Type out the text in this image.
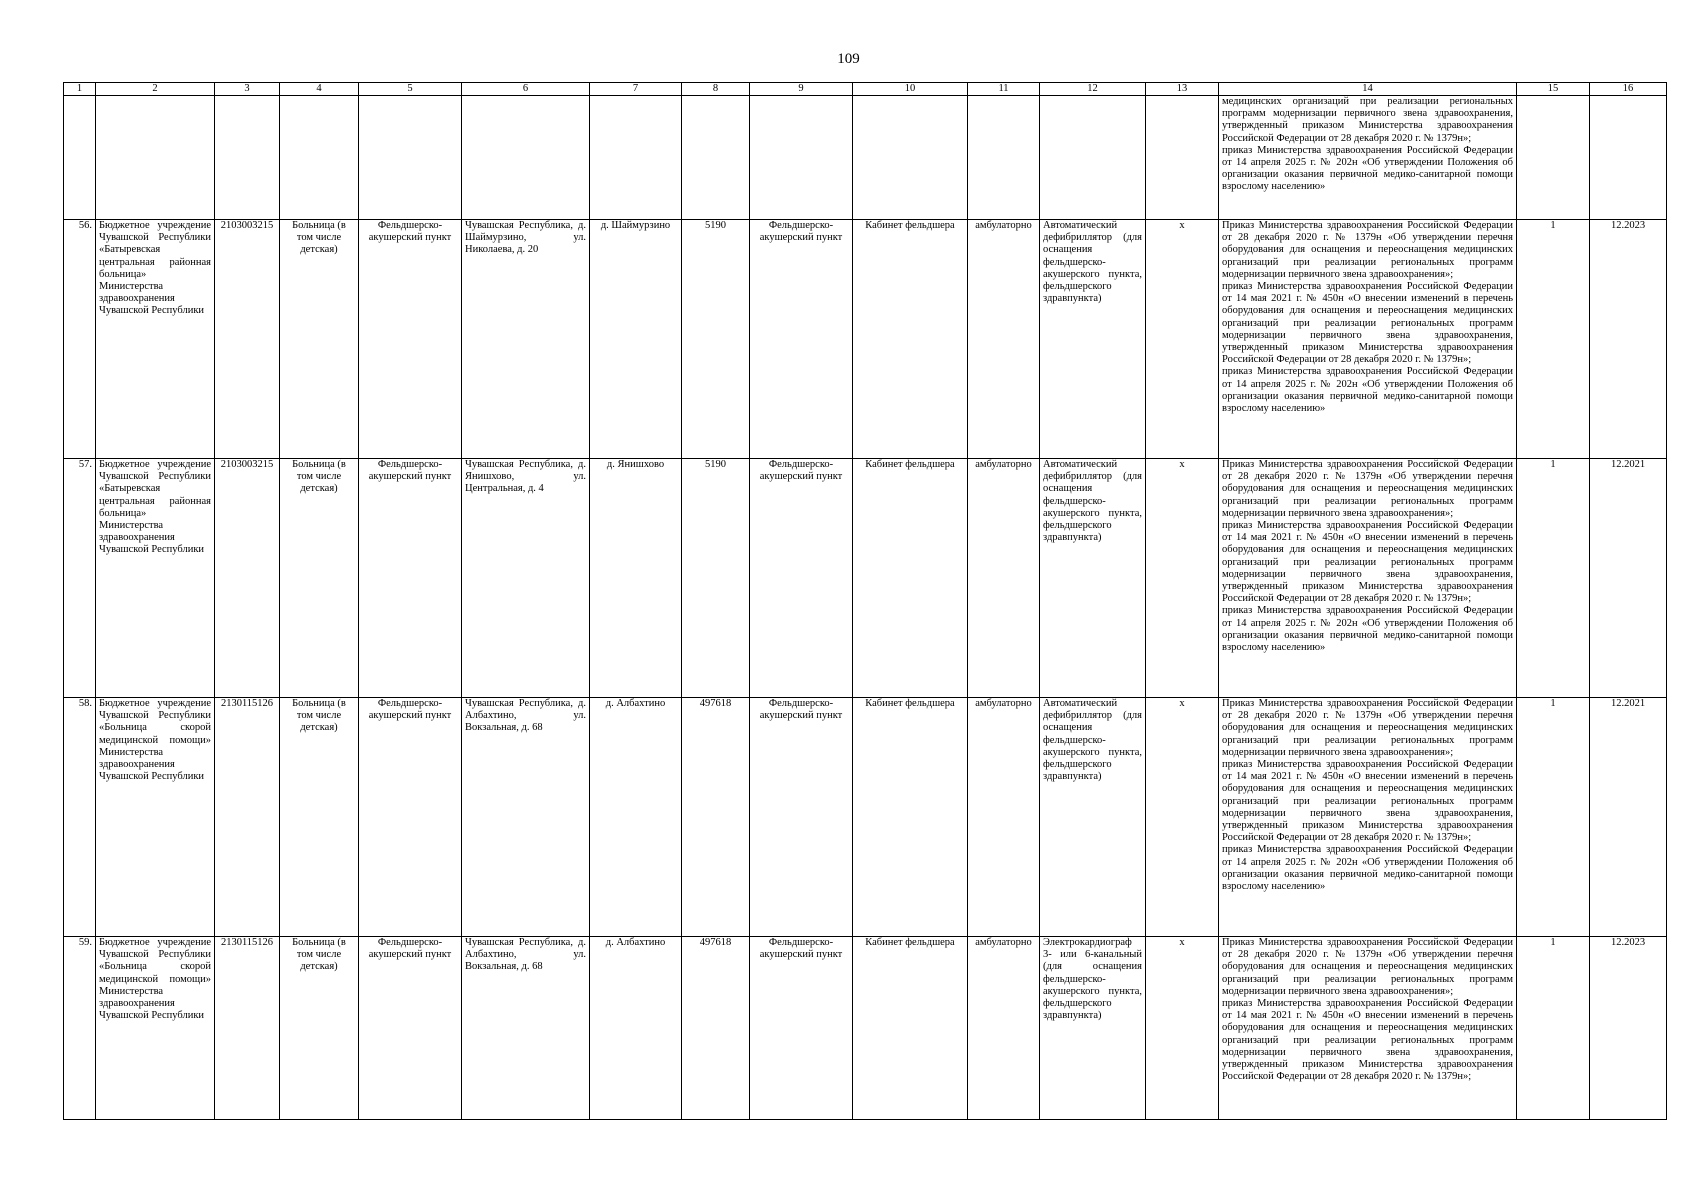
109
1	2	3	4	5	6	7	8	9	10	11	12	13	14	15	16

													медицинских организаций при реализации региональных программ модернизации первичного звена здравоохранения, утвержденный приказом Министерства здравоохранения Российской Федерации от 28 декабря 2020 г. № 1379н»;

приказ Министерства здравоохранения Российской Федерации от 14 апреля 2025 г. № 202н «Об утверждении Положения об организации оказания первичной медико-санитарной помощи взрослому населению»		

56.	Бюджетное учреждение Чувашской Республики «Батыревская центральная районная больница» Министерства здравоохранения Чувашской Республики	2103003215	Больница (в том числе детская)	Фельдшерско-акушерский пункт	Чувашская Республика, д. Шаймурзино, ул. Николаева, д. 20	д. Шаймурзино	5190	Фельдшерско-акушерский пункт	Кабинет фельдшера	амбулаторно	Автоматический дефибриллятор (для оснащения фельдшерско-акушерского пункта, фельдшерского здравпункта)	x	Приказ Министерства здравоохранения Российской Федерации от 28 декабря 2020 г. № 1379н «Об утверждении перечня оборудования для оснащения и переоснащения медицинских организаций при реализации региональных программ модернизации первичного звена здравоохранения»;

приказ Министерства здравоохранения Российской Федерации от 14 мая 2021 г. № 450н «О внесении изменений в перечень оборудования для оснащения и переоснащения медицинских организаций при реализации региональных программ модернизации первичного звена здравоохранения, утвержденный приказом Министерства здравоохранения Российской Федерации от 28 декабря 2020 г. № 1379н»;

приказ Министерства здравоохранения Российской Федерации от 14 апреля 2025 г. № 202н «Об утверждении Положения об организации оказания первичной медико-санитарной помощи взрослому населению»	1	12.2023
57.	Бюджетное учреждение Чувашской Республики «Батыревская центральная районная больница» Министерства здравоохранения Чувашской Республики	2103003215	Больница (в том числе детская)	Фельдшерско-акушерский пункт	Чувашская Республика, д. Янишхово, ул. Центральная, д. 4	д. Янишхово	5190	Фельдшерско-акушерский пункт	Кабинет фельдшера	амбулаторно	Автоматический дефибриллятор (для оснащения фельдшерско-акушерского пункта, фельдшерского здравпункта)	x	Приказ Министерства здравоохранения Российской Федерации от 28 декабря 2020 г. № 1379н «Об утверждении перечня оборудования для оснащения и переоснащения медицинских организаций при реализации региональных программ модернизации первичного звена здравоохранения»;

приказ Министерства здравоохранения Российской Федерации от 14 мая 2021 г. № 450н «О внесении изменений в перечень оборудования для оснащения и переоснащения медицинских организаций при реализации региональных программ модернизации первичного звена здравоохранения, утвержденный приказом Министерства здравоохранения Российской Федерации от 28 декабря 2020 г. № 1379н»;

приказ Министерства здравоохранения Российской Федерации от 14 апреля 2025 г. № 202н «Об утверждении Положения об организации оказания первичной медико-санитарной помощи взрослому населению»	1	12.2021
58.	Бюджетное учреждение Чувашской Республики «Больница скорой медицинской помощи» Министерства здравоохранения Чувашской Республики	2130115126	Больница (в том числе детская)	Фельдшерско-акушерский пункт	Чувашская Республика, д. Албахтино, ул. Вокзальная, д. 68	д. Албахтино	497618	Фельдшерско-акушерский пункт	Кабинет фельдшера	амбулаторно	Автоматический дефибриллятор (для оснащения фельдшерско-акушерского пункта, фельдшерского здравпункта)	x	Приказ Министерства здравоохранения Российской Федерации от 28 декабря 2020 г. № 1379н «Об утверждении перечня оборудования для оснащения и переоснащения медицинских организаций при реализации региональных программ модернизации первичного звена здравоохранения»;

приказ Министерства здравоохранения Российской Федерации от 14 мая 2021 г. № 450н «О внесении изменений в перечень оборудования для оснащения и переоснащения медицинских организаций при реализации региональных программ модернизации первичного звена здравоохранения, утвержденный приказом Министерства здравоохранения Российской Федерации от 28 декабря 2020 г. № 1379н»;

приказ Министерства здравоохранения Российской Федерации от 14 апреля 2025 г. № 202н «Об утверждении Положения об организации оказания первичной медико-санитарной помощи взрослому населению»	1	12.2021
59.	Бюджетное учреждение Чувашской Республики «Больница скорой медицинской помощи» Министерства здравоохранения Чувашской Республики	2130115126	Больница (в том числе детская)	Фельдшерско-акушерский пункт	Чувашская Республика, д. Албахтино, ул. Вокзальная, д. 68	д. Албахтино	497618	Фельдшерско-акушерский пункт	Кабинет фельдшера	амбулаторно	Электрокардиограф 3- или 6-канальный (для оснащения фельдшерско-акушерского пункта, фельдшерского здравпункта)	x	Приказ Министерства здравоохранения Российской Федерации от 28 декабря 2020 г. № 1379н «Об утверждении перечня оборудования для оснащения и переоснащения медицинских организаций при реализации региональных программ модернизации первичного звена здравоохранения»;

приказ Министерства здравоохранения Российской Федерации от 14 мая 2021 г. № 450н «О внесении изменений в перечень оборудования для оснащения и переоснащения медицинских организаций при реализации региональных программ модернизации первичного звена здравоохранения, утвержденный приказом Министерства здравоохранения Российской Федерации от 28 декабря 2020 г. № 1379н»;	1	12.2023
